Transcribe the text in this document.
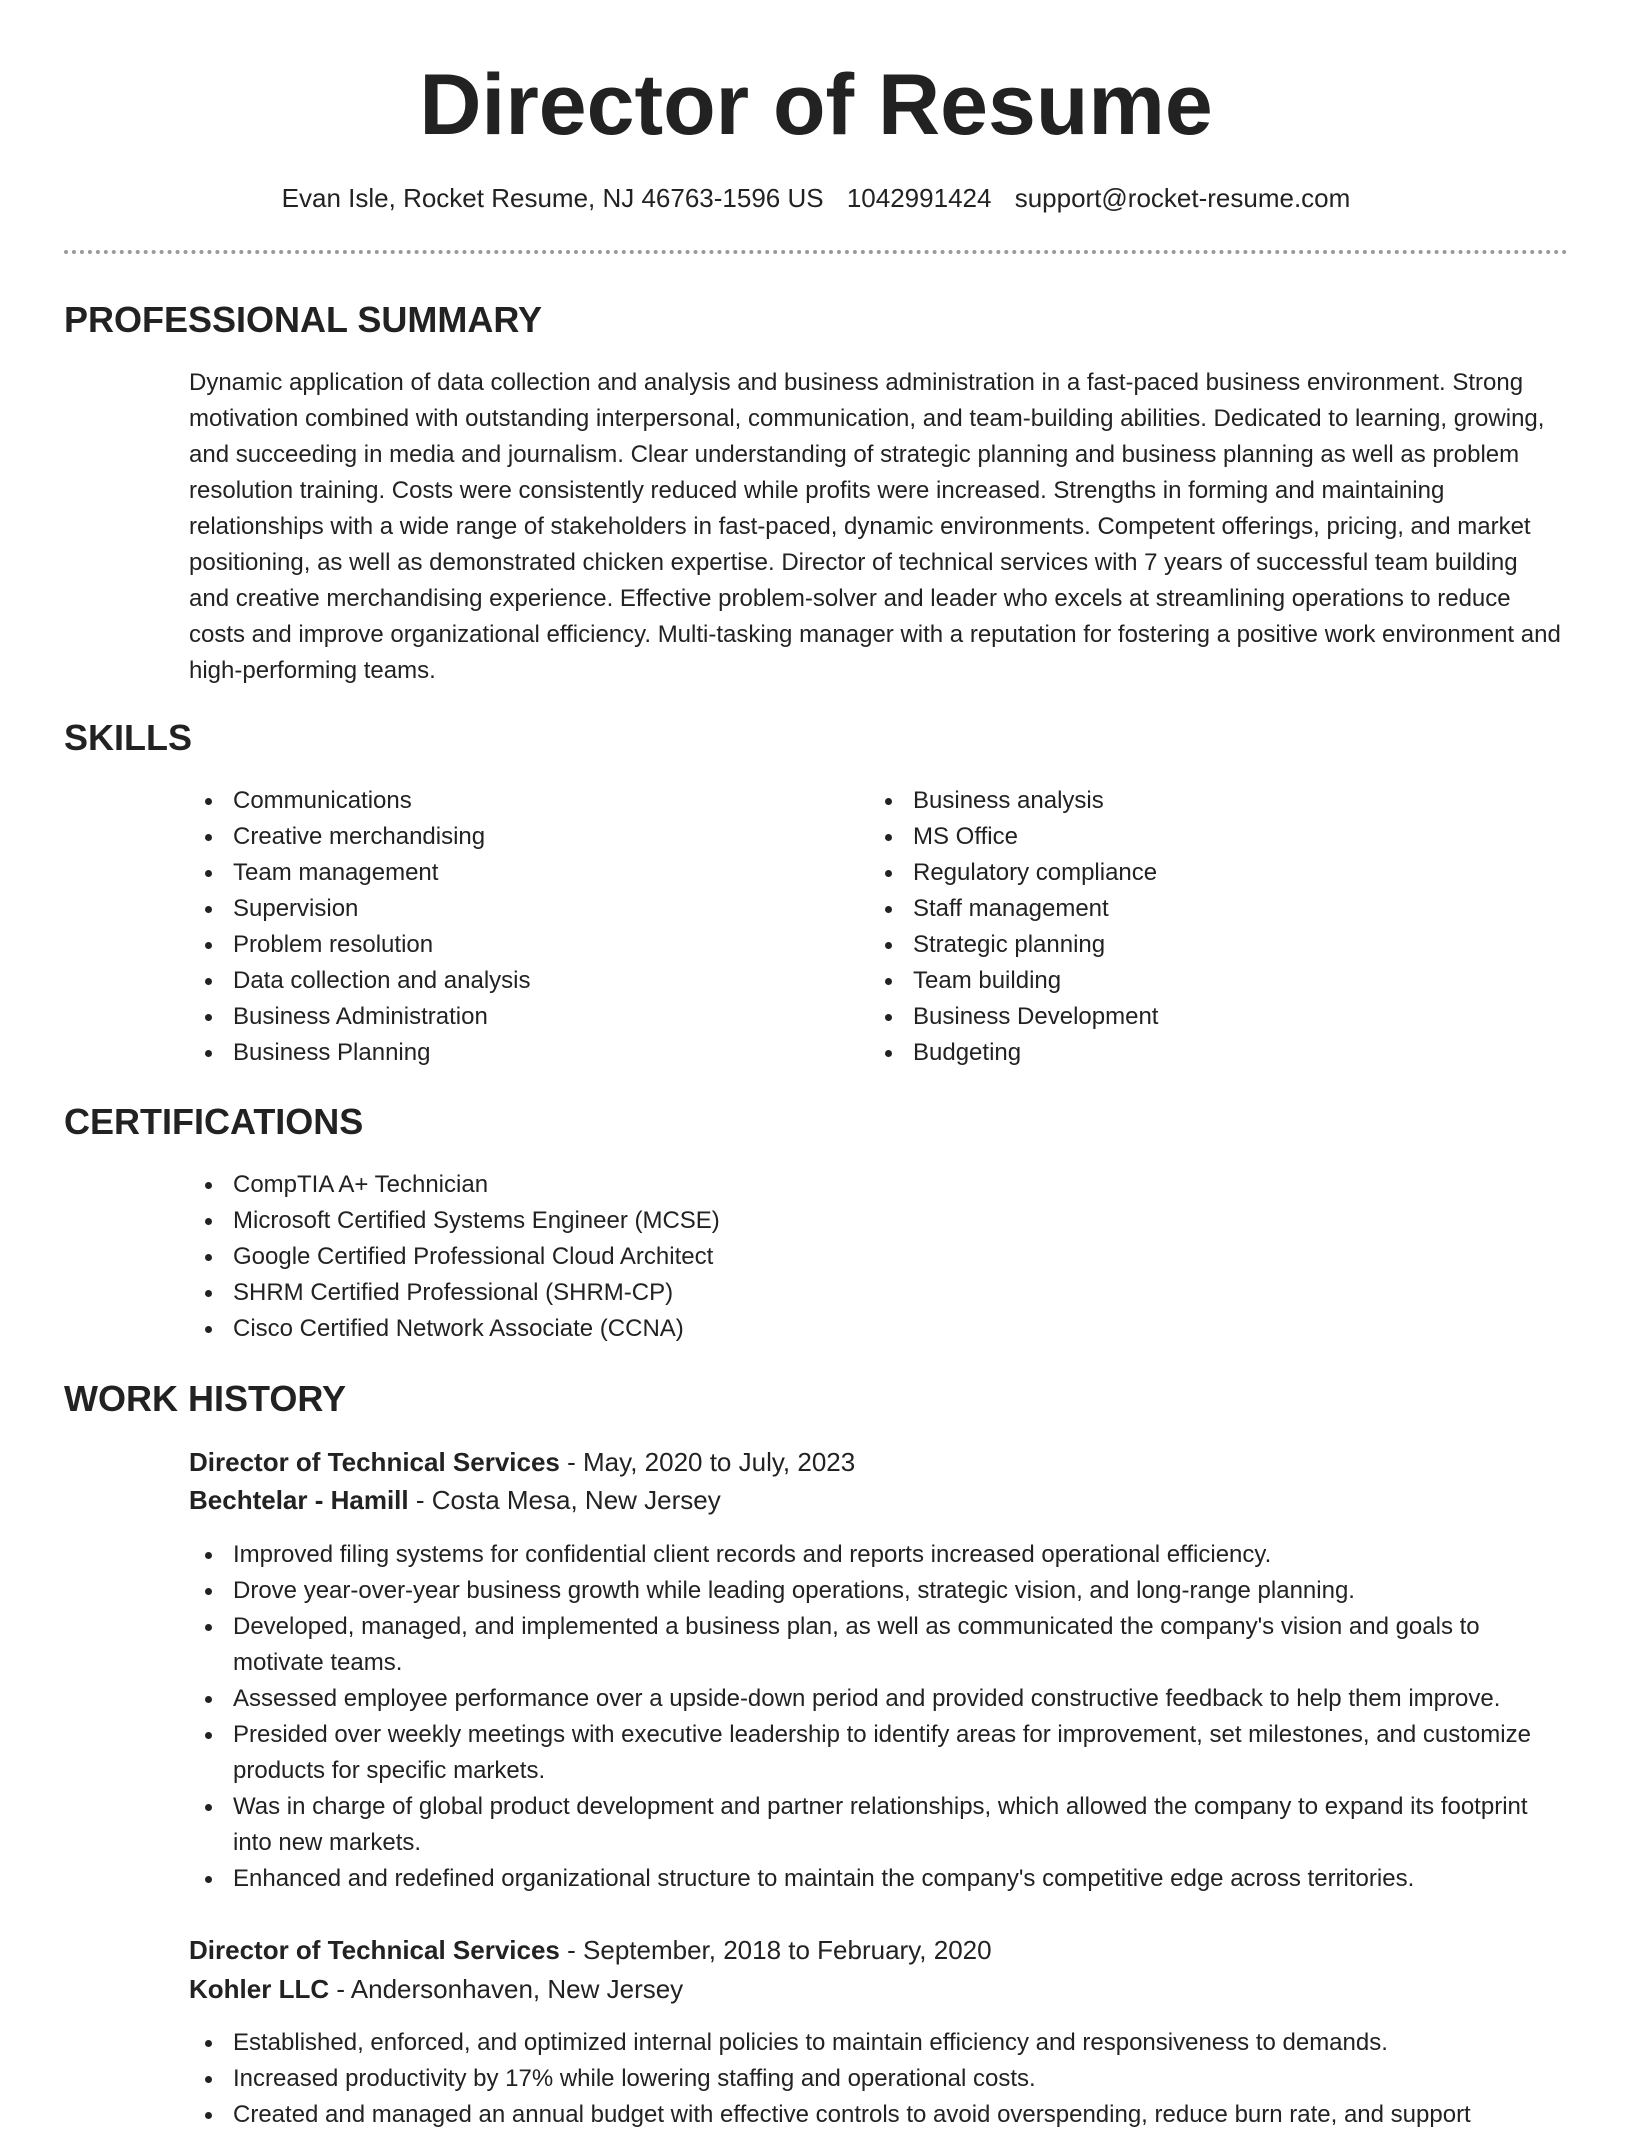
Director of Resume
Evan Isle, Rocket Resume, NJ 46763-1596 US 1042991424 support@rocket-resume.com
PROFESSIONAL SUMMARY

Dynamic application of data collection and analysis and business administration in a fast-paced business environment. Strong motivation combined with outstanding interpersonal, communication, and team-building abilities. Dedicated to learning, growing, and succeeding in media and journalism. Clear understanding of strategic planning and business planning as well as problem resolution training. Costs were consistently reduced while profits were increased. Strengths in forming and maintaining relationships with a wide range of stakeholders in fast-paced, dynamic environments. Competent offerings, pricing, and market positioning, as well as demonstrated chicken expertise. Director of technical services with 7 years of successful team building and creative merchandising experience. Effective problem-solver and leader who excels at streamlining operations to reduce costs and improve organizational efficiency. Multi-tasking manager with a reputation for fostering a positive work environment and high-performing teams.

SKILLS
Communications
Creative merchandising
Team management
Supervision
Problem resolution
Data collection and analysis
Business Administration
Business Planning
Business analysis
MS Office
Regulatory compliance
Staff management
Strategic planning
Team building
Business Development
Budgeting
CERTIFICATIONS
CompTIA A+ Technician
Microsoft Certified Systems Engineer (MCSE)
Google Certified Professional Cloud Architect
SHRM Certified Professional (SHRM-CP)
Cisco Certified Network Associate (CCNA)
WORK HISTORY
Director of Technical Services - May, 2020 to July, 2023
Bechtelar - Hamill - Costa Mesa, New Jersey
Improved filing systems for confidential client records and reports increased operational efficiency.
Drove year-over-year business growth while leading operations, strategic vision, and long-range planning.
Developed, managed, and implemented a business plan, as well as communicated the company's vision and goals to motivate teams.
Assessed employee performance over a upside-down period and provided constructive feedback to help them improve.
Presided over weekly meetings with executive leadership to identify areas for improvement, set milestones, and customize products for specific markets.
Was in charge of global product development and partner relationships, which allowed the company to expand its footprint into new markets.
Enhanced and redefined organizational structure to maintain the company's competitive edge across territories.
Director of Technical Services - September, 2018 to February, 2020
Kohler LLC - Andersonhaven, New Jersey
Established, enforced, and optimized internal policies to maintain efficiency and responsiveness to demands.
Increased productivity by 17% while lowering staffing and operational costs.
Created and managed an annual budget with effective controls to avoid overspending, reduce burn rate, and support
